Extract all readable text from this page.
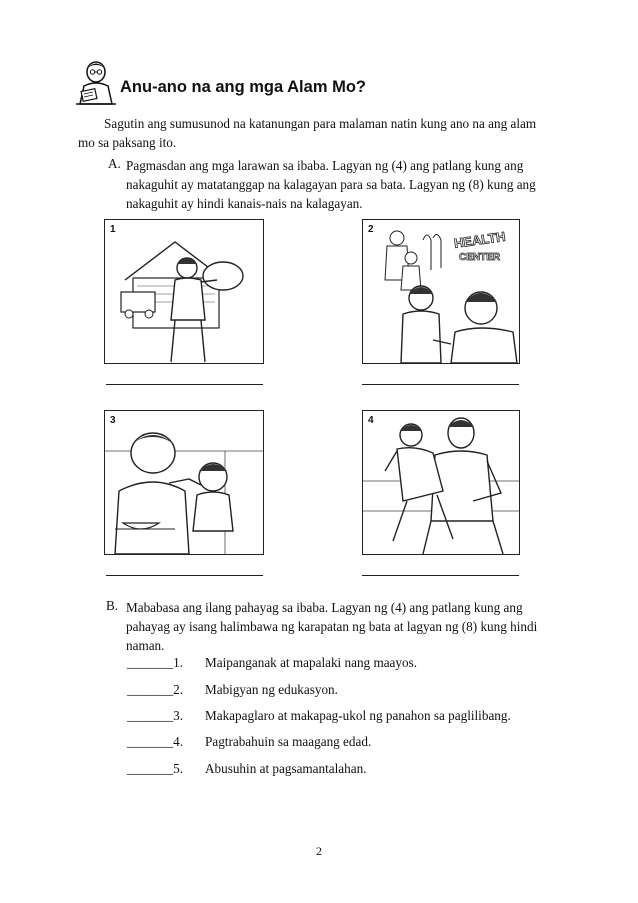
Anu-ano na ang mga Alam Mo?
Sagutin ang sumusunod na katanungan para malaman natin kung ano na ang alam mo sa paksang ito.
A. Pagmasdan ang mga larawan sa ibaba. Lagyan ng (4) ang patlang kung ang nakaguhit ay matatanggap na kalagayan para sa bata. Lagyan ng (8) kung ang nakaguhit ay hindi kanais-nais na kalagayan.
1	2	HEALTH
CENTER
3	4
B. Mababasa ang ilang pahayag sa ibaba. Lagyan ng (4) ang patlang kung ang pahayag ay isang halimbawa ng karapatan ng bata at lagyan ng (8) kung hindi naman.
_______1. Maipanganak at mapalaki nang maayos.
_______2. Mabigyan ng edukasyon.
_______3. Makapaglaro at makapag-ukol ng panahon sa paglilibang.
_______4. Pagtrabahuin sa maagang edad.
_______5. Abusuhin at pagsamantalahan.
2
